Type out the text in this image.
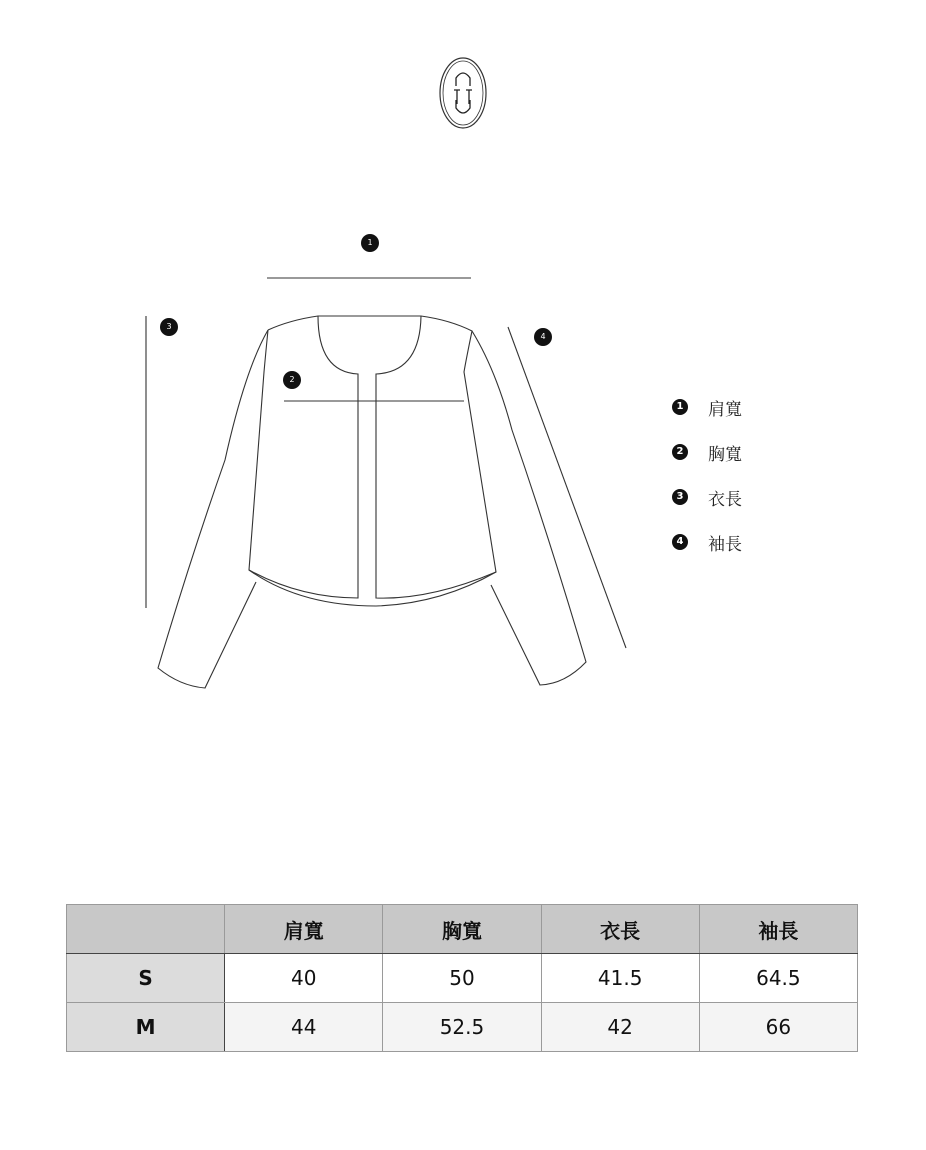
1
2
3
4
1 肩寬
2 胸寬
3 衣長
4 袖長
	肩寬	胸寬	衣長	袖長
S	40	50	41.5	64.5
M	44	52.5	42	66
